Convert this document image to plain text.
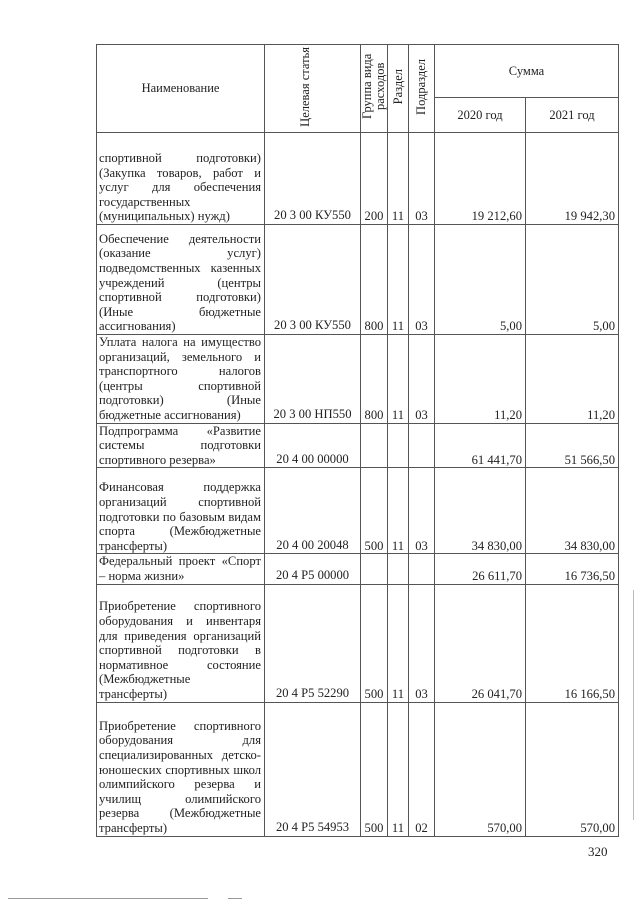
Наименование	Целевая статья	Группа вида расходов	Раздел	Подраздел	Сумма	
					2020 год	2021 год
спортивной подготовки) (Закупка товаров, работ и услуг для обеспечения государственных (муниципальных) нужд)	20 3 00 КУ550	200	11	03	19 212,60	19 942,30
Обеспечение деятельности (оказание услуг) подведомственных казенных учреждений (центры спортивной подготовки) (Иные бюджетные ассигнования)	20 3 00 КУ550	800	11	03	5,00	5,00
Уплата налога на имущество организаций, земельного и транспортного налогов (центры спортивной подготовки) (Иные бюджетные ассигнования)	20 3 00 НП550	800	11	03	11,20	11,20
Подпрограмма «Развитие системы подготовки спортивного резерва»	20 4 00 00000				61 441,70	51 566,50
Финансовая поддержка организаций спортивной подготовки по базовым видам спорта (Межбюджетные трансферты)	20 4 00 20048	500	11	03	34 830,00	34 830,00
Федеральный проект «Спорт – норма жизни»	20 4 Р5 00000				26 611,70	16 736,50
Приобретение спортивного оборудования и инвентаря для приведения организаций спортивной подготовки в нормативное состояние (Межбюджетные трансферты)	20 4 Р5 52290	500	11	03	26 041,70	16 166,50
Приобретение спортивного оборудования для специализированных детско-юношеских спортивных школ олимпийского резерва и училищ олимпийского резерва (Межбюджетные трансферты)	20 4 Р5 54953	500	11	02	570,00	570,00
320
